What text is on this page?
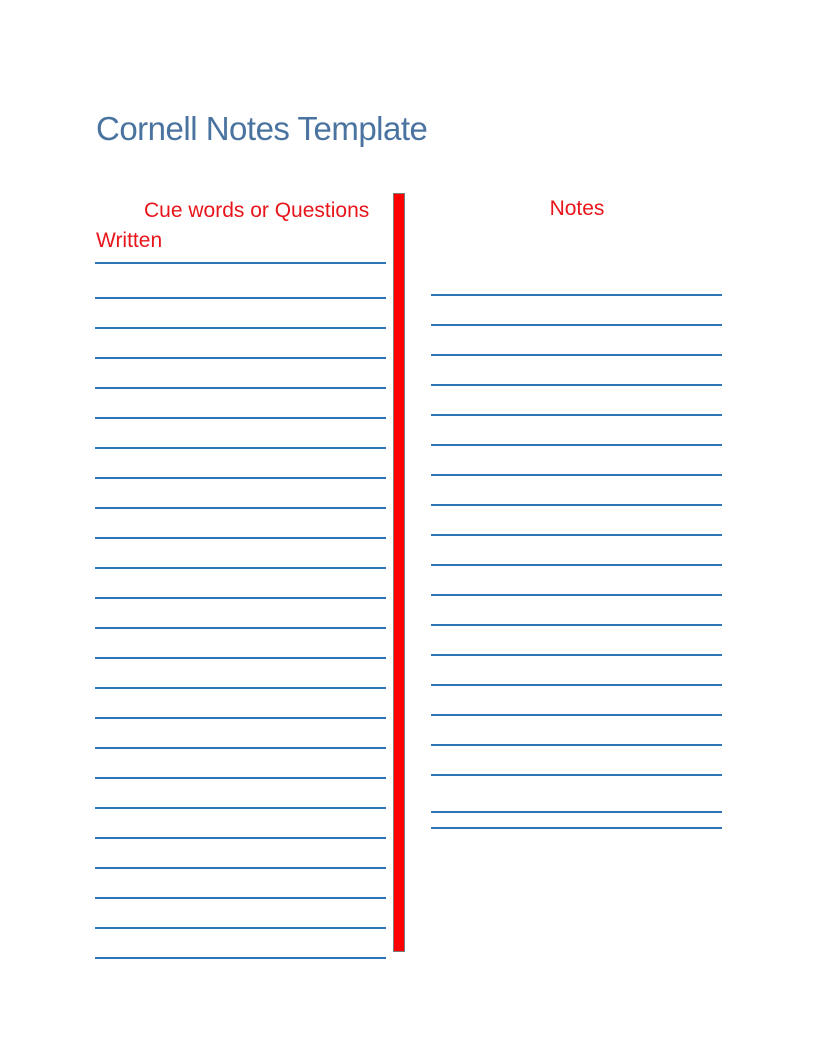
Cornell Notes Template
Cue words or Questions Written
Notes
